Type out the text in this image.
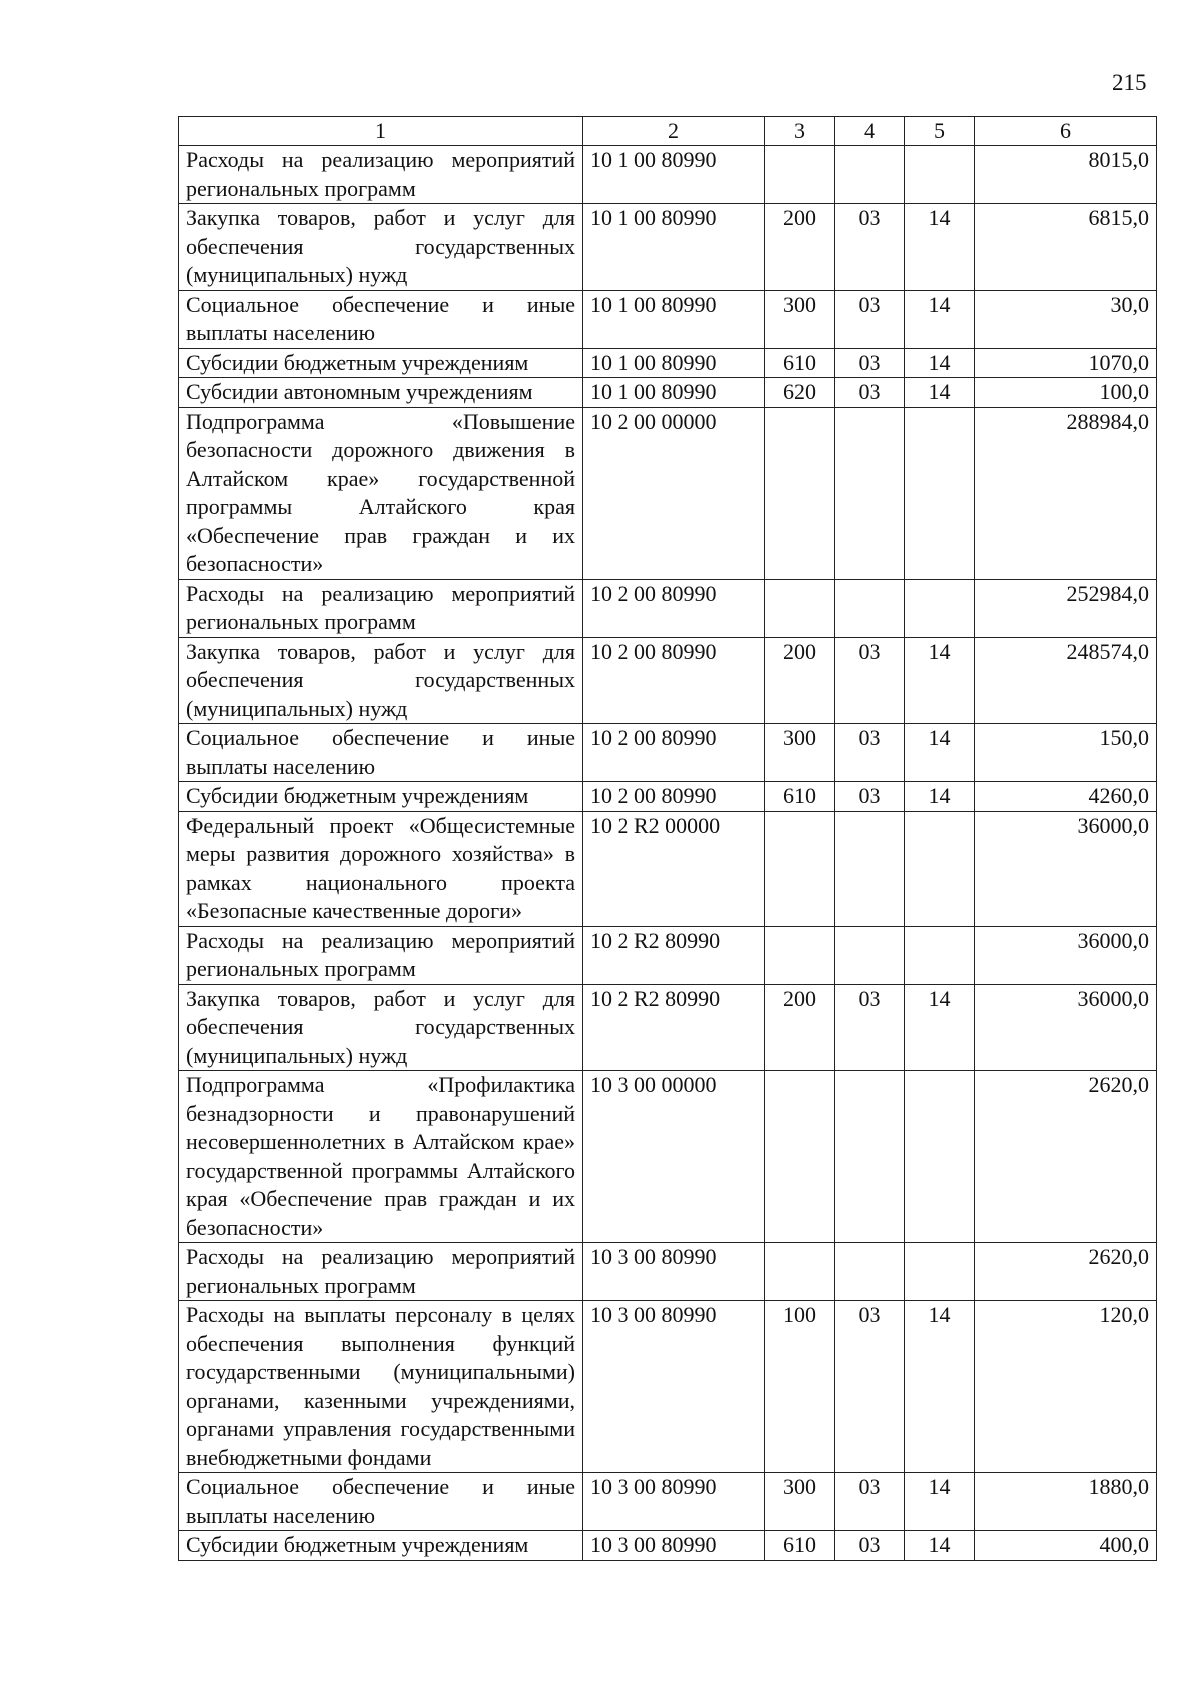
215
1	2	3	4	5	6
Расходы на реализацию мероприятий региональных программ	10 1 00 80990				8015,0
Закупка товаров, работ и услуг для обеспечения государственных (муниципальных) нужд	10 1 00 80990	200	03	14	6815,0
Социальное обеспечение и иные выплаты населению	10 1 00 80990	300	03	14	30,0
Субсидии бюджетным учреждениям	10 1 00 80990	610	03	14	1070,0
Субсидии автономным учреждениям	10 1 00 80990	620	03	14	100,0
Подпрограмма «Повышение безопасности дорожного движения в Алтайском крае» государственной программы Алтайского края «Обеспечение прав граждан и их безопасности»	10 2 00 00000				288984,0
Расходы на реализацию мероприятий региональных программ	10 2 00 80990				252984,0
Закупка товаров, работ и услуг для обеспечения государственных (муниципальных) нужд	10 2 00 80990	200	03	14	248574,0
Социальное обеспечение и иные выплаты населению	10 2 00 80990	300	03	14	150,0
Субсидии бюджетным учреждениям	10 2 00 80990	610	03	14	4260,0
Федеральный проект «Общесистемные меры развития дорожного хозяйства» в рамках национального проекта «Безопасные качественные дороги»	10 2 R2 00000				36000,0
Расходы на реализацию мероприятий региональных программ	10 2 R2 80990				36000,0
Закупка товаров, работ и услуг для обеспечения государственных (муниципальных) нужд	10 2 R2 80990	200	03	14	36000,0
Подпрограмма «Профилактика безнадзорности и правонарушений несовершеннолетних в Алтайском крае» государственной программы Алтайского края «Обеспечение прав граждан и их безопасности»	10 3 00 00000				2620,0
Расходы на реализацию мероприятий региональных программ	10 3 00 80990				2620,0
Расходы на выплаты персоналу в целях обеспечения выполнения функций государственными (муниципальными) органами, казенными учреждениями, органами управления государственными внебюджетными фондами	10 3 00 80990	100	03	14	120,0
Социальное обеспечение и иные выплаты населению	10 3 00 80990	300	03	14	1880,0
Субсидии бюджетным учреждениям	10 3 00 80990	610	03	14	400,0
